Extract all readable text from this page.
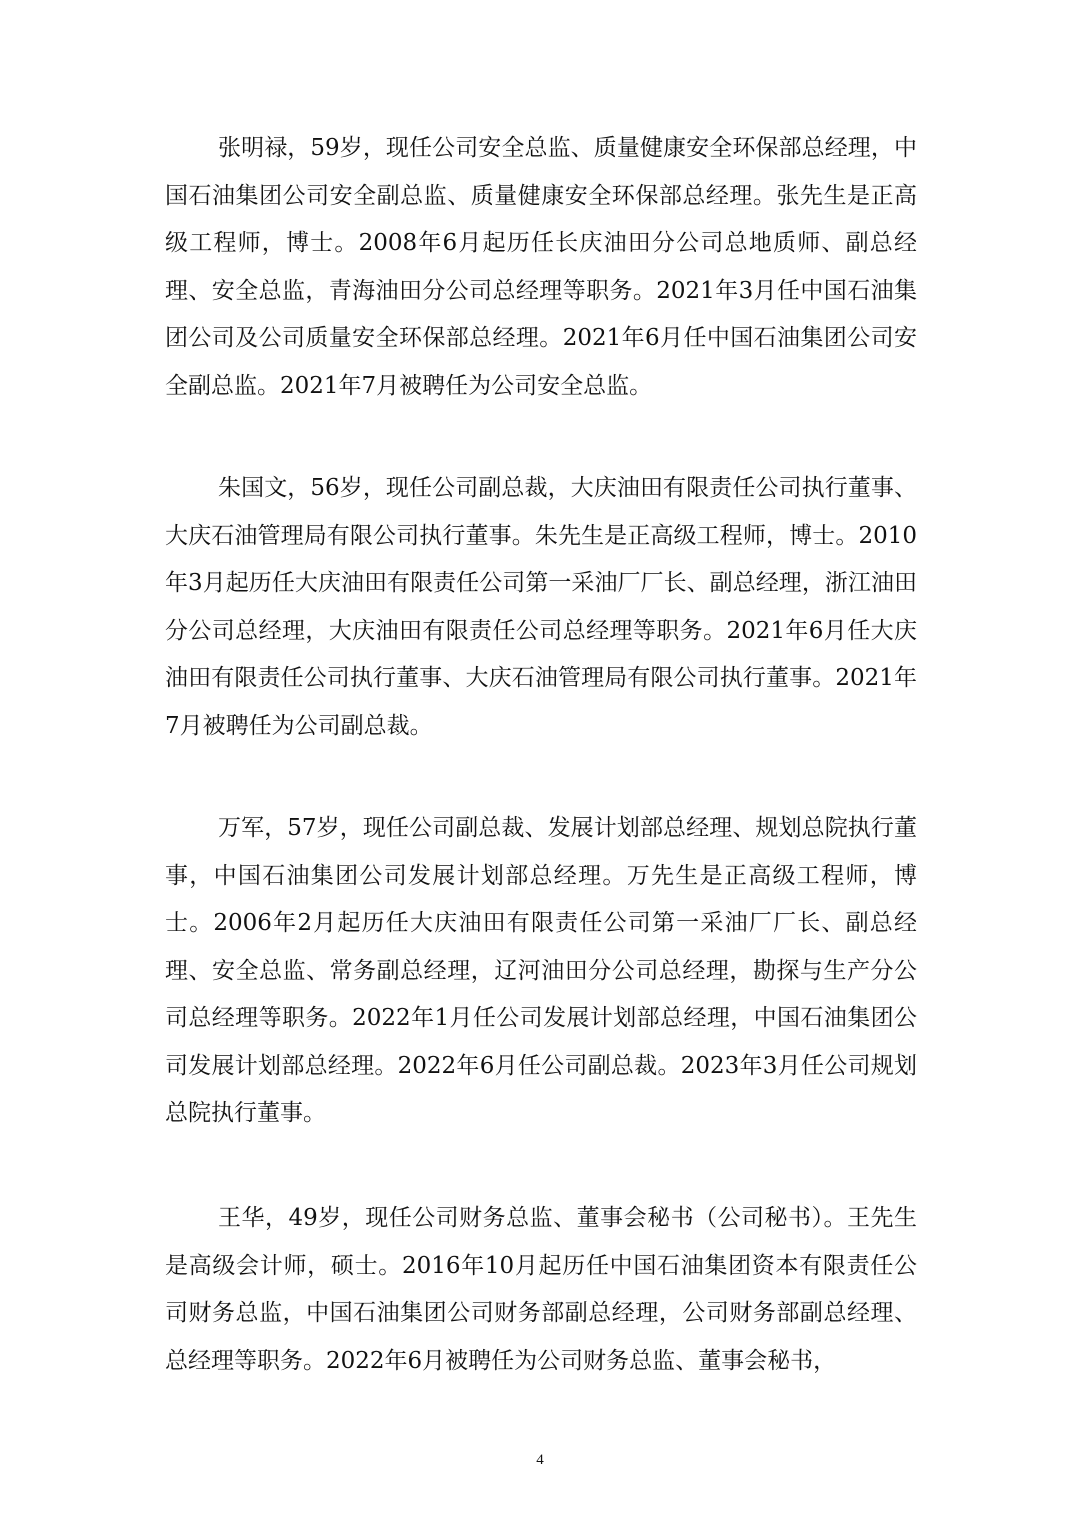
张明禄，59岁，现任公司安全总监、质量健康安全环保部总经理，中国石油集团公司安全副总监、质量健康安全环保部总经理。张先生是正高级工程师，博士。2008年6月起历任长庆油田分公司总地质师、副总经理、安全总监，青海油田分公司总经理等职务。2021年3月任中国石油集团公司及公司质量安全环保部总经理。2021年6月任中国石油集团公司安全副总监。2021年7月被聘任为公司安全总监。

朱国文，56岁，现任公司副总裁，大庆油田有限责任公司执行董事、大庆石油管理局有限公司执行董事。朱先生是正高级工程师，博士。2010年3月起历任大庆油田有限责任公司第一采油厂厂长、副总经理，浙江油田分公司总经理，大庆油田有限责任公司总经理等职务。2021年6月任大庆油田有限责任公司执行董事、大庆石油管理局有限公司执行董事。2021年7月被聘任为公司副总裁。

万军，57岁，现任公司副总裁、发展计划部总经理、规划总院执行董事，中国石油集团公司发展计划部总经理。万先生是正高级工程师，博士。2006年2月起历任大庆油田有限责任公司第一采油厂厂长、副总经理、安全总监、常务副总经理，辽河油田分公司总经理，勘探与生产分公司总经理等职务。2022年1月任公司发展计划部总经理，中国石油集团公司发展计划部总经理。2022年6月任公司副总裁。2023年3月任公司规划总院执行董事。

王华，49岁，现任公司财务总监、董事会秘书（公司秘书）。王先生是高级会计师，硕士。2016年10月起历任中国石油集团资本有限责任公司财务总监，中国石油集团公司财务部副总经理，公司财务部副总经理、总经理等职务。2022年6月被聘任为公司财务总监、董事会秘书，

4
